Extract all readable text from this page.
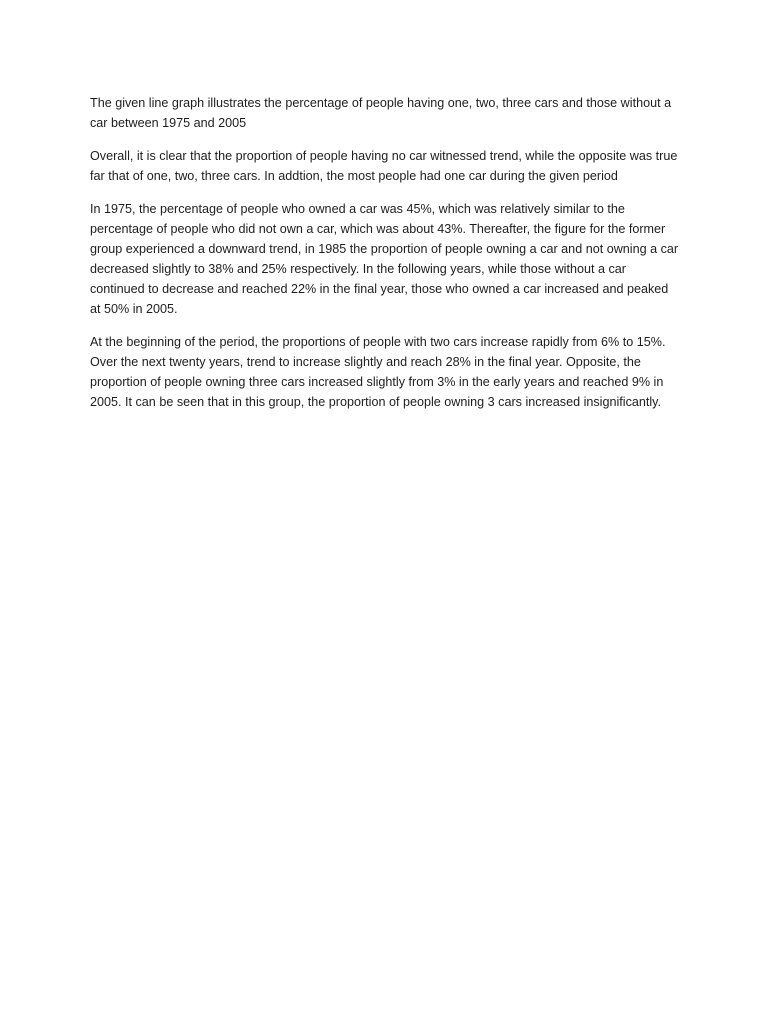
The given line graph illustrates the percentage of people having one, two, three cars and those without a car between 1975 and 2005

Overall, it is clear that the proportion of people having no car witnessed trend, while the opposite was true far that of one, two, three cars. In addtion, the most people had one car during the given period

In 1975, the percentage of people who owned a car was 45%, which was relatively similar to the percentage of people who did not own a car, which was about 43%. Thereafter, the figure for the former group experienced a downward trend, in 1985 the proportion of people owning a car and not owning a car decreased slightly to 38% and 25% respectively. In the following years, while those without a car continued to decrease and reached 22% in the final year, those who owned a car increased and peaked at 50% in 2005.

At the beginning of the period, the proportions of people with two cars increase rapidly from 6% to 15%. Over the next twenty years, trend to increase slightly and reach 28% in the final year. Opposite, the proportion of people owning three cars increased slightly from 3% in the early years and reached 9% in 2005. It can be seen that in this group, the proportion of people owning 3 cars increased insignificantly.
